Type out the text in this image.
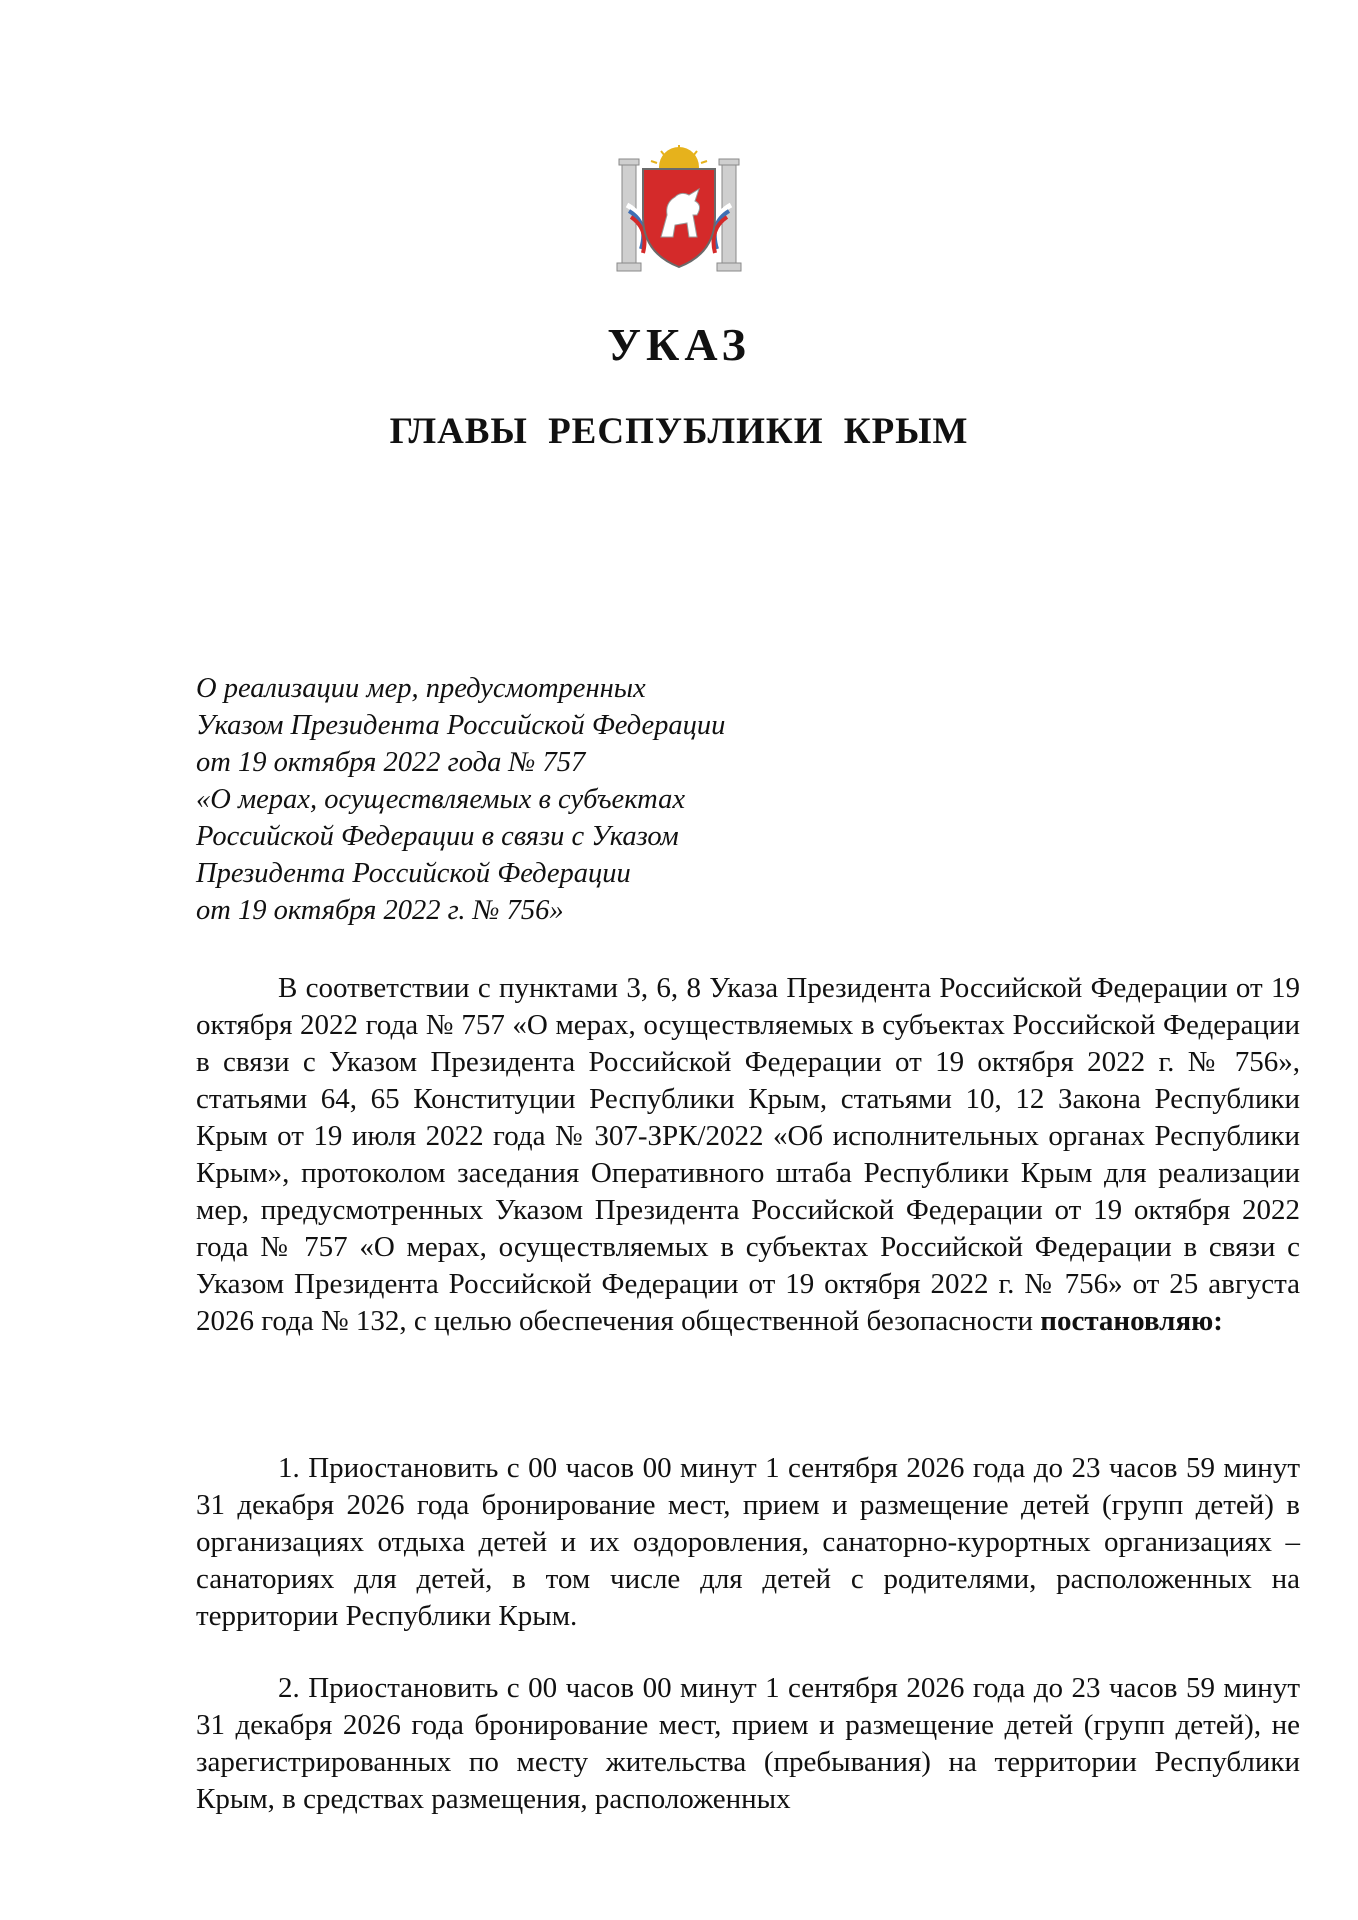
УКАЗ
ГЛАВЫ РЕСПУБЛИКИ КРЫМ
О реализации мер, предусмотренных
Указом Президента Российской Федерации
от 19 октября 2022 года № 757
«О мерах, осуществляемых в субъектах
Российской Федерации в связи с Указом
Президента Российской Федерации
от 19 октября 2022 г. № 756»
В соответствии с пунктами 3, 6, 8 Указа Президента Российской Федерации от 19 октября 2022 года № 757 «О мерах, осуществляемых в субъектах Российской Федерации в связи с Указом Президента Российской Федерации от 19 октября 2022 г. № 756», статьями 64, 65 Конституции Республики Крым, статьями 10, 12 Закона Республики Крым от 19 июля 2022 года № 307-ЗРК/2022 «Об исполнительных органах Республики Крым», протоколом заседания Оперативного штаба Республики Крым для реализации мер, предусмотренных Указом Президента Российской Федерации от 19 октября 2022 года № 757 «О мерах, осуществляемых в субъектах Российской Федерации в связи с Указом Президента Российской Федерации от 19 октября 2022 г. № 756» от 25 августа 2026 года № 132, с целью обеспечения общественной безопасности постановляю:
1. Приостановить с 00 часов 00 минут 1 сентября 2026 года до 23 часов 59 минут 31 декабря 2026 года бронирование мест, прием и размещение детей (групп детей) в организациях отдыха детей и их оздоровления, санаторно-курортных организациях – санаториях для детей, в том числе для детей с родителями, расположенных на территории Республики Крым.
2. Приостановить с 00 часов 00 минут 1 сентября 2026 года до 23 часов 59 минут 31 декабря 2026 года бронирование мест, прием и размещение детей (групп детей), не зарегистрированных по месту жительства (пребывания) на территории Республики Крым, в средствах размещения, расположенных
